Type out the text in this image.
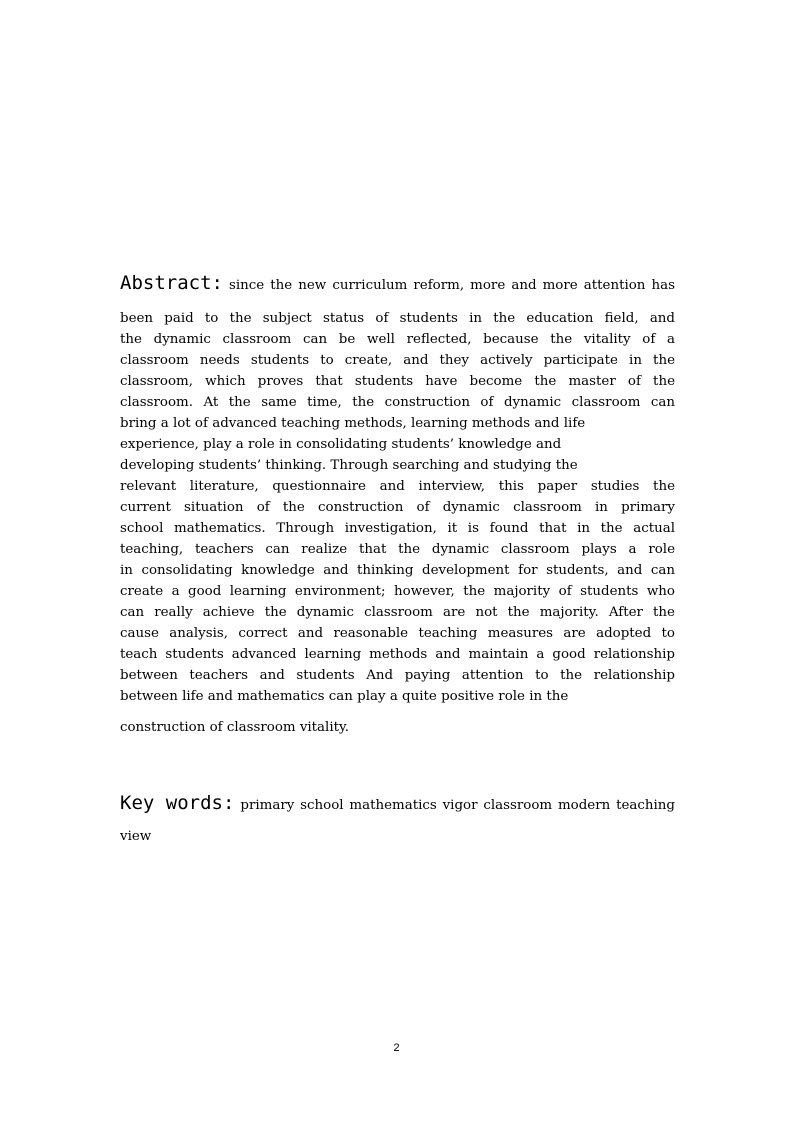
Abstract: since the new curriculum reform, more and more attention has
been paid to the subject status of students in the education field, and
the dynamic classroom can be well reflected, because the vitality of a
classroom needs students to create, and they actively participate in the
classroom, which proves that students have become the master of the
classroom. At the same time, the construction of dynamic classroom can
bring a lot of advanced teaching methods, learning methods and life
experience, play a role in consolidating students’ knowledge and
developing students’ thinking. Through searching and studying the
relevant literature, questionnaire and interview, this paper studies the
current situation of the construction of dynamic classroom in primary
school mathematics. Through investigation, it is found that in the actual
teaching, teachers can realize that the dynamic classroom plays a role
in consolidating knowledge and thinking development for students, and can
create a good learning environment; however, the majority of students who
can really achieve the dynamic classroom are not the majority. After the
cause analysis, correct and reasonable teaching measures are adopted to
teach students advanced learning methods and maintain a good relationship
between teachers and students And paying attention to the relationship
between life and mathematics can play a quite positive role in the
construction of classroom vitality.
Key words: primary school mathematics vigor classroom modern teaching
view
2
